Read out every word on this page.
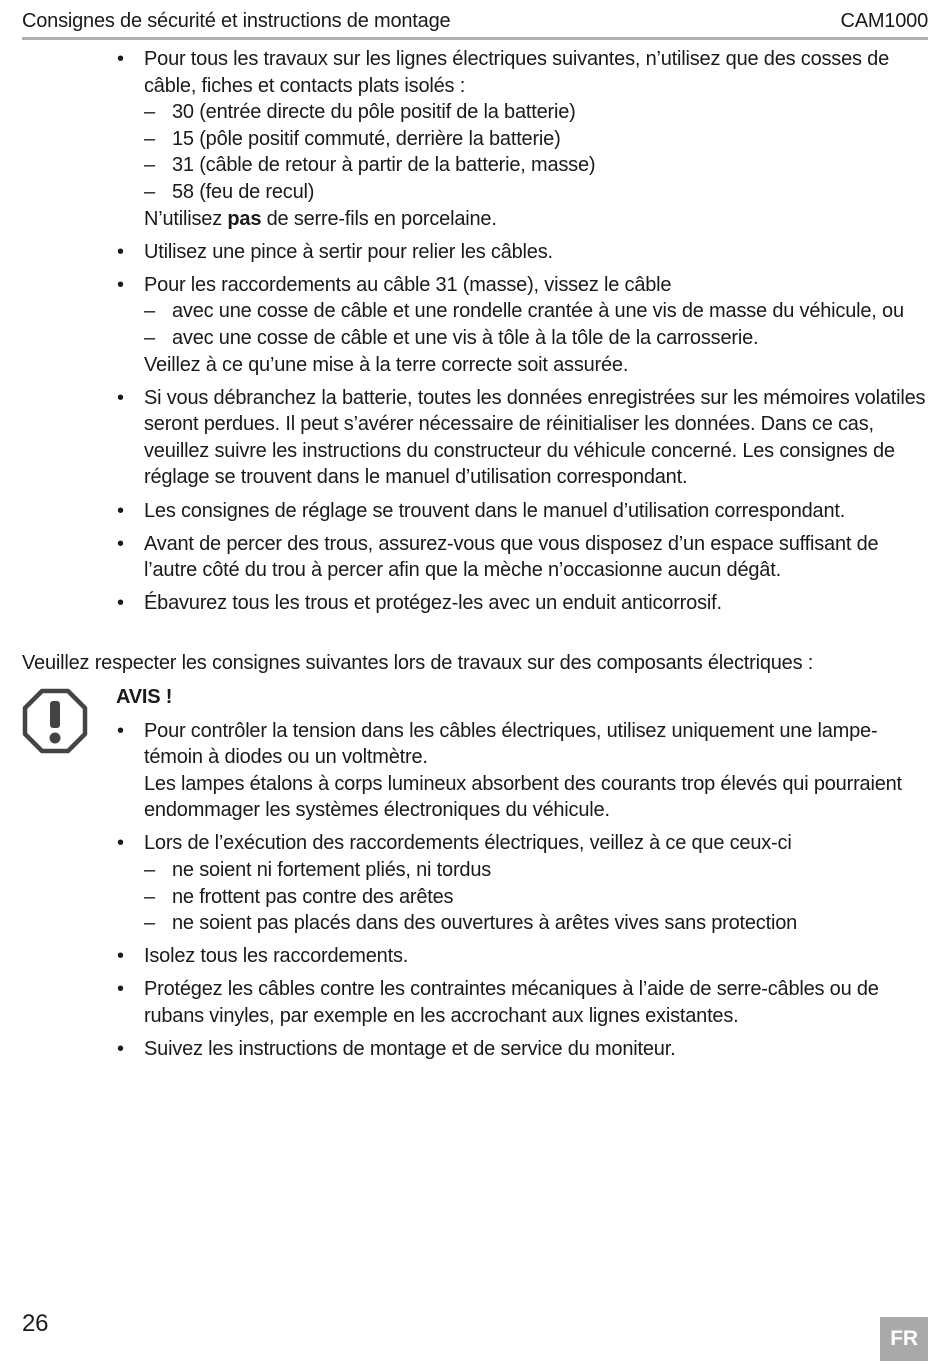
Consignes de sécurité et instructions de montage	CAM1000
• Pour tous les travaux sur les lignes électriques suivantes, n’utilisez que des cosses de câble, fiches et contacts plats isolés :
– 30 (entrée directe du pôle positif de la batterie)
– 15 (pôle positif commuté, derrière la batterie)
– 31 (câble de retour à partir de la batterie, masse)
– 58 (feu de recul)
N’utilisez pas de serre-fils en porcelaine.
• Utilisez une pince à sertir pour relier les câbles.
• Pour les raccordements au câble 31 (masse), vissez le câble
– avec une cosse de câble et une rondelle crantée à une vis de masse du véhicule, ou
– avec une cosse de câble et une vis à tôle à la tôle de la carrosserie.
Veillez à ce qu’une mise à la terre correcte soit assurée.
• Si vous débranchez la batterie, toutes les données enregistrées sur les mémoires volatiles seront perdues. Il peut s’avérer nécessaire de réinitialiser les données. Dans ce cas, veuillez suivre les instructions du constructeur du véhicule concerné. Les consignes de réglage se trouvent dans le manuel d’utilisation correspondant.
• Les consignes de réglage se trouvent dans le manuel d’utilisation correspondant.
• Avant de percer des trous, assurez-vous que vous disposez d’un espace suffisant de l’autre côté du trou à percer afin que la mèche n’occasionne aucun dégât.
• Ébavurez tous les trous et protégez-les avec un enduit anticorrosif.

Veuillez respecter les consignes suivantes lors de travaux sur des composants électriques :

AVIS !
• Pour contrôler la tension dans les câbles électriques, utilisez uniquement une lampe-témoin à diodes ou un voltmètre.
Les lampes étalons à corps lumineux absorbent des courants trop élevés qui pourraient endommager les systèmes électroniques du véhicule.
• Lors de l’exécution des raccordements électriques, veillez à ce que ceux-ci
– ne soient ni fortement pliés, ni tordus
– ne frottent pas contre des arêtes
– ne soient pas placés dans des ouvertures à arêtes vives sans protection
• Isolez tous les raccordements.
• Protégez les câbles contre les contraintes mécaniques à l’aide de serre-câbles ou de rubans vinyles, par exemple en les accrochant aux lignes existantes.
• Suivez les instructions de montage et de service du moniteur.
26
FR
